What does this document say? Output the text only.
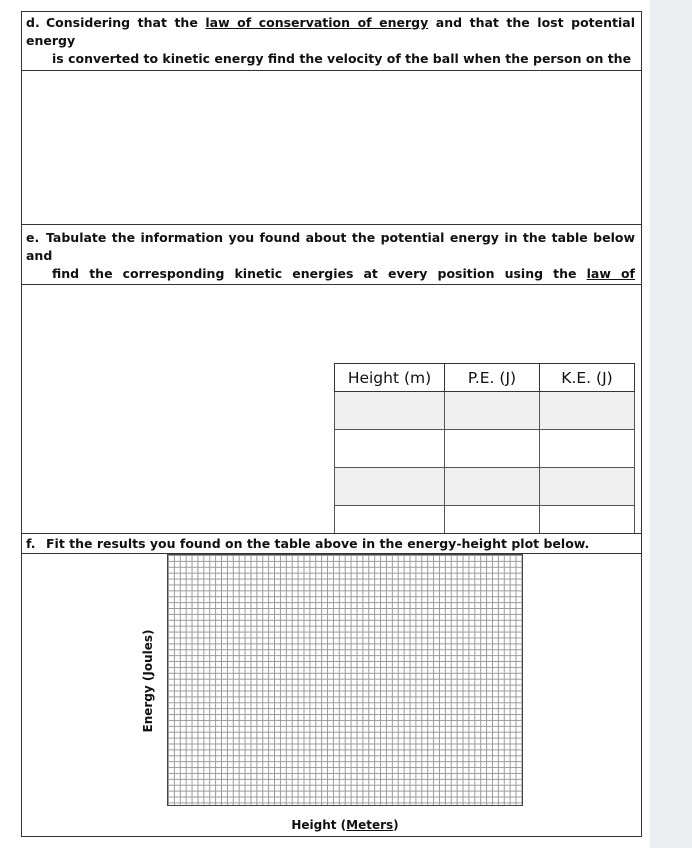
d. Considering that the law of conservation of energy and that the lost potential energy
is converted to kinetic energy find the velocity of the ball when the person on the
e. Tabulate the information you found about the potential energy in the table below and
find the corresponding kinetic energies at every position using the law of
Height (m)	P.E. (J)	K.E. (J)

f. Fit the results you found on the table above in the energy-height plot below.
Energy (Joules)
Height (Meters)
